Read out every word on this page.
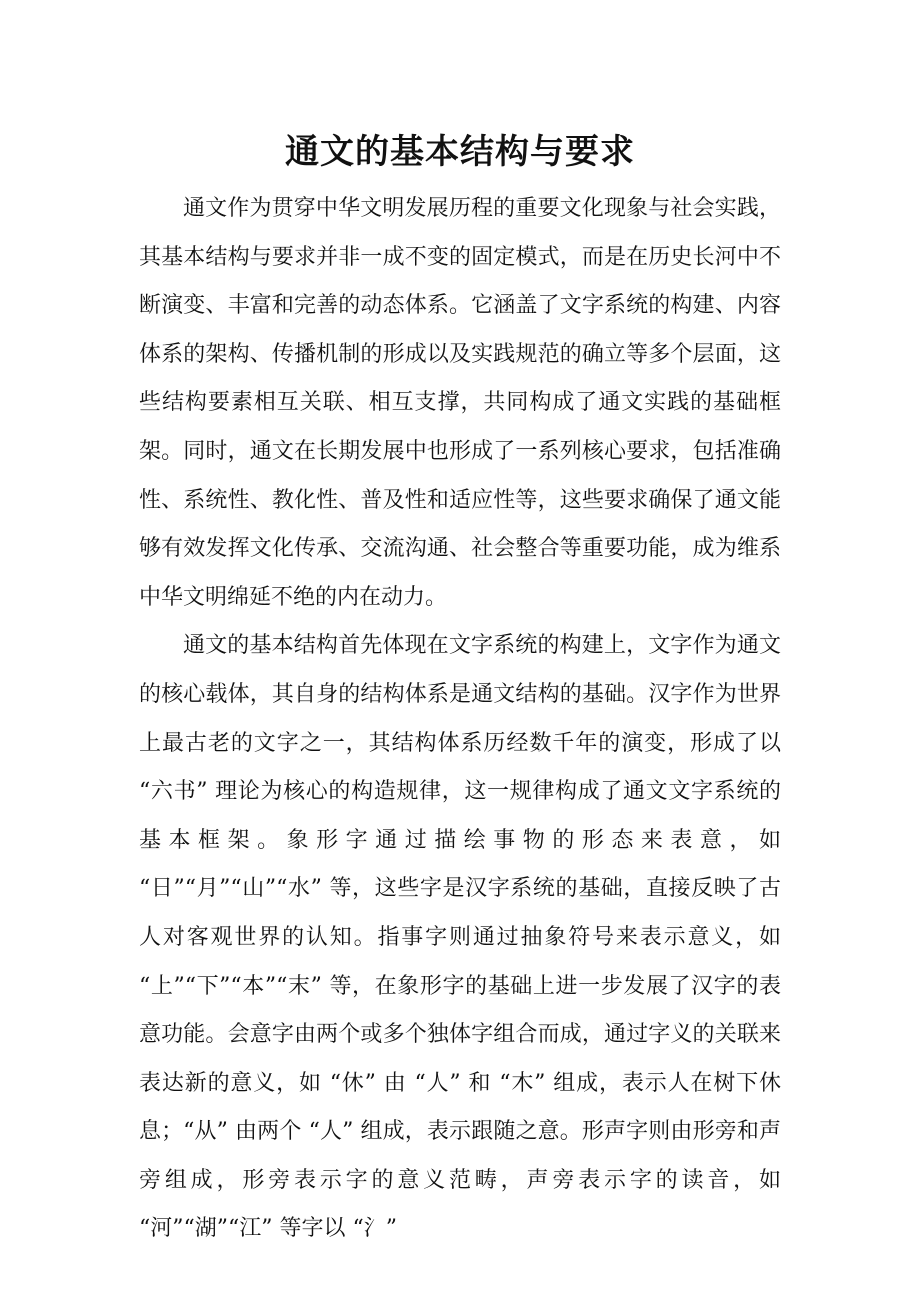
通文的基本结构与要求

通文作为贯穿中华文明发展历程的重要文化现象与社会实践，其基本结构与要求并非一成不变的固定模式，而是在历史长河中不断演变、丰富和完善的动态体系。它涵盖了文字系统的构建、内容体系的架构、传播机制的形成以及实践规范的确立等多个层面，这些结构要素相互关联、相互支撑，共同构成了通文实践的基础框架。同时，通文在长期发展中也形成了一系列核心要求，包括准确性、系统性、教化性、普及性和适应性等，这些要求确保了通文能够有效发挥文化传承、交流沟通、社会整合等重要功能，成为维系中华文明绵延不绝的内在动力。

通文的基本结构首先体现在文字系统的构建上，文字作为通文的核心载体，其自身的结构体系是通文结构的基础。汉字作为世界上最古老的文字之一，其结构体系历经数千年的演变，形成了以 “六书” 理论为核心的构造规律，这一规律构成了通文文字系统的基本框架。象形字通过描绘事物的形态来表意，如 “日”“月”“山”“水” 等，这些字是汉字系统的基础，直接反映了古人对客观世界的认知。指事字则通过抽象符号来表示意义，如 “上”“下”“本”“末” 等，在象形字的基础上进一步发展了汉字的表意功能。会意字由两个或多个独体字组合而成，通过字义的关联来表达新的意义，如 “休” 由 “人” 和 “木” 组成，表示人在树下休息；“从” 由两个 “人” 组成，表示跟随之意。形声字则由形旁和声旁组成，形旁表示字的意义范畴，声旁表示字的读音，如 “河”“湖”“江” 等字以 “氵”
